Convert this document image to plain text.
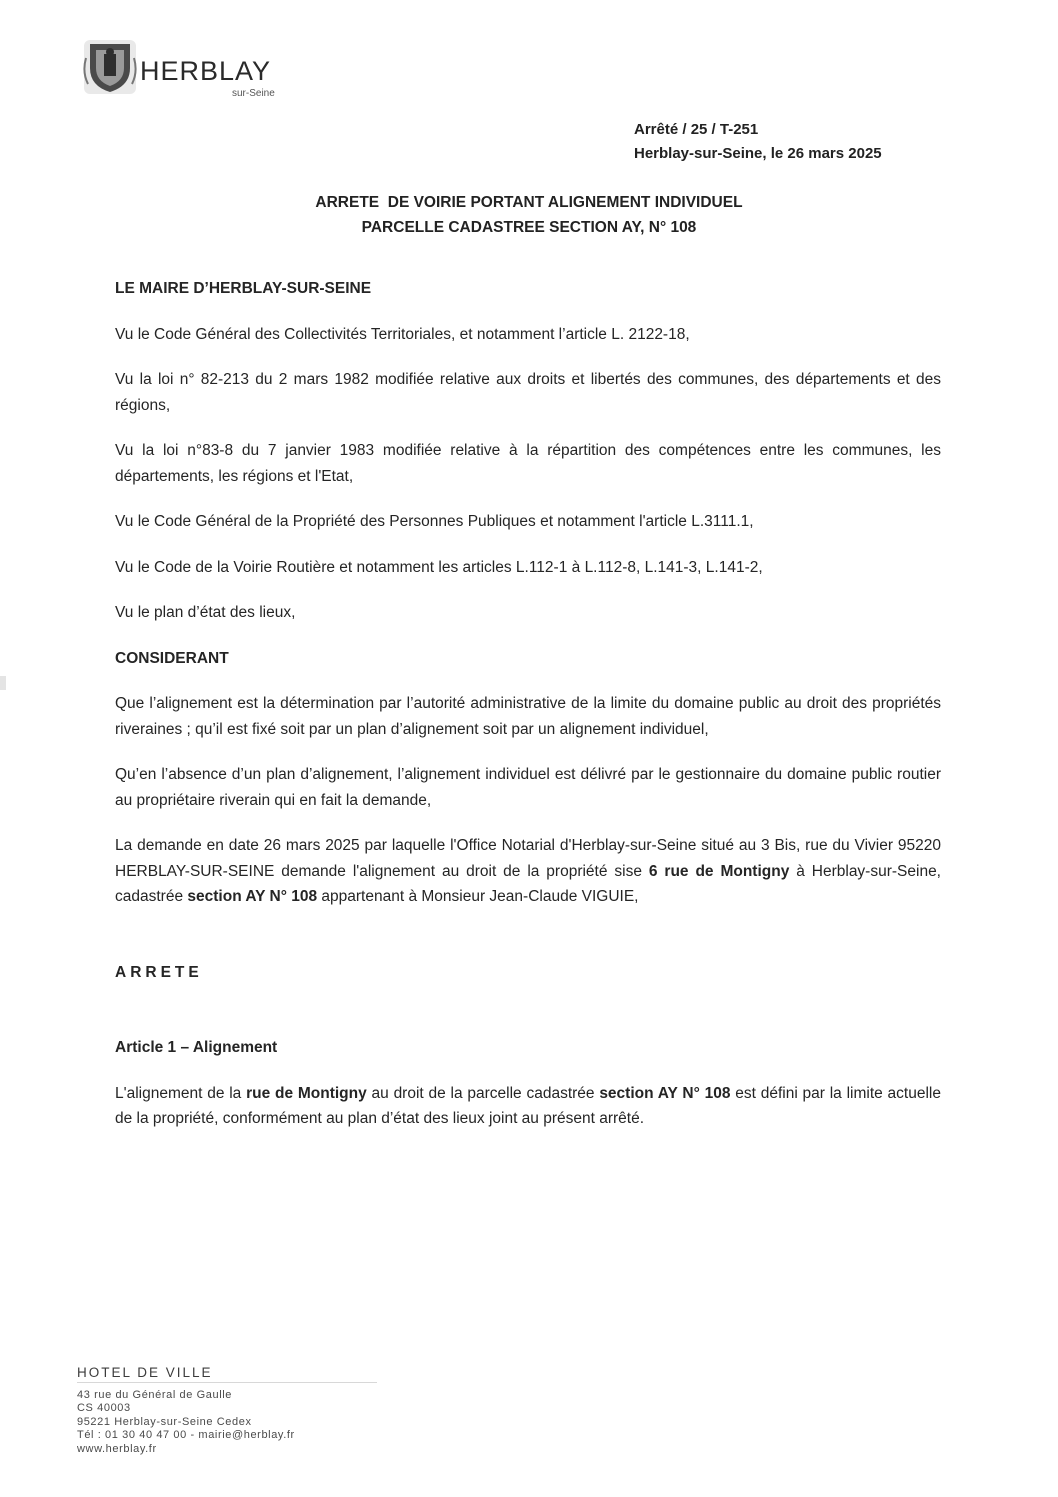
HERBLAY
sur-Seine
Arrêté / 25 / T-251
Herblay-sur-Seine, le 26 mars 2025
ARRETE  DE VOIRIE PORTANT ALIGNEMENT INDIVIDUEL
PARCELLE CADASTREE SECTION AY, N° 108

LE MAIRE D’HERBLAY-SUR-SEINE

Vu le Code Général des Collectivités Territoriales, et notamment l’article L. 2122-18,

Vu la loi n° 82-213 du 2 mars 1982 modifiée relative aux droits et libertés des communes, des départements et des régions,

Vu la loi n°83-8 du 7 janvier 1983 modifiée relative à la répartition des compétences entre les communes, les départements, les régions et l'Etat,

Vu le Code Général de la Propriété des Personnes Publiques et notamment l'article L.3111.1,

Vu le Code de la Voirie Routière et notamment les articles L.112-1 à L.112-8, L.141-3, L.141-2,

Vu le plan d’état des lieux,

CONSIDERANT

Que l’alignement est la détermination par l’autorité administrative de la limite du domaine public au droit des propriétés riveraines ; qu’il est fixé soit par un plan d’alignement soit par un alignement individuel,

Qu’en l’absence d’un plan d’alignement, l’alignement individuel est délivré par le gestionnaire du domaine public routier au propriétaire riverain qui en fait la demande,

La demande en date 26 mars 2025 par laquelle l'Office Notarial d'Herblay-sur-Seine situé au 3 Bis, rue du Vivier 95220 HERBLAY-SUR-SEINE demande l'alignement au droit de la propriété sise 6 rue de Montigny à Herblay-sur-Seine, cadastrée section AY N° 108 appartenant à Monsieur Jean-Claude VIGUIE,

ARRETE

Article 1 – Alignement

L'alignement de la rue de Montigny au droit de la parcelle cadastrée section AY N° 108 est défini par la limite actuelle de la propriété, conformément au plan d’état des lieux joint au présent arrêté.

HOTEL DE VILLE
43 rue du Général de Gaulle
CS 40003
95221 Herblay-sur-Seine Cedex
Tél : 01 30 40 47 00 - mairie@herblay.fr
www.herblay.fr
